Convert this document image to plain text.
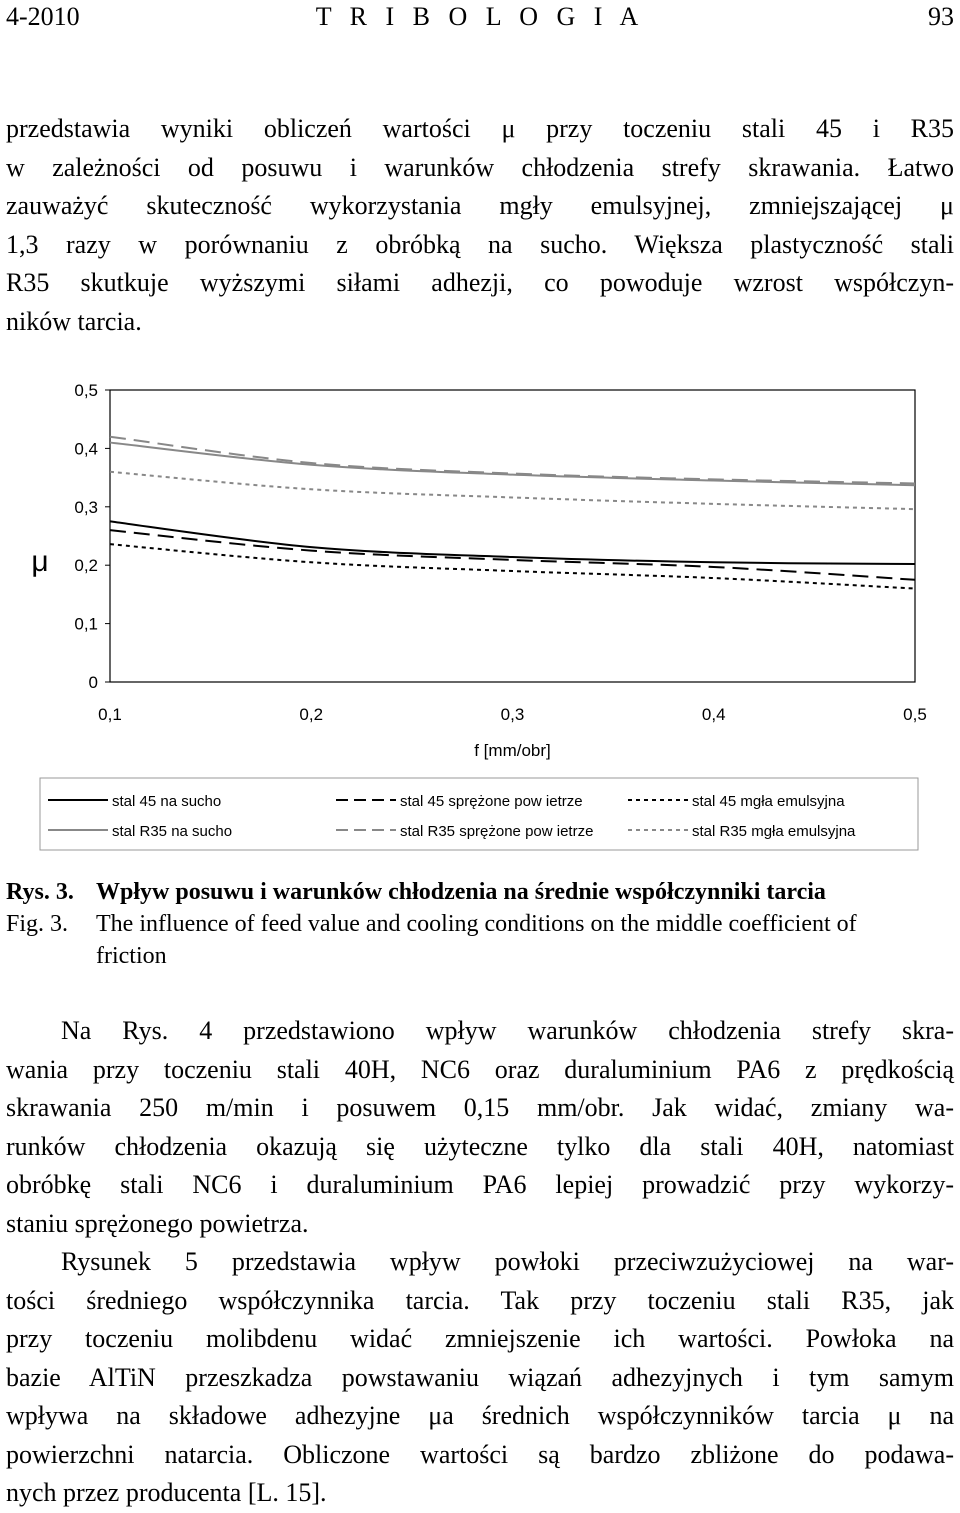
4-2010	T R I B O L O G I A	93
przedstawia wyniki obliczeń wartości μ przy toczeniu stali 45 i R35
w zależności od posuwu i warunków chłodzenia strefy skrawania. Łatwo
zauważyć skuteczność wykorzystania mgły emulsyjnej, zmniejszającej μ
1,3 razy w porównaniu z obróbką na sucho. Większa plastyczność stali
R35 skutkuje wyższymi siłami adhezji, co powoduje wzrost współczyn-
ników tarcia.
0
0,1
0,2
0,3
0,4
0,5
0,1	0,2	0,3	0,4	0,5
f [mm/obr]
μ
stal 45 na sucho	stal 45 sprężone pow ietrze	stal 45 mgła emulsyjna
stal R35 na sucho	stal R35 sprężone pow ietrze	stal R35 mgła emulsyjna
Rys. 3. Wpływ posuwu i warunków chłodzenia na średnie współczynniki tarcia
Fig. 3. The influence of feed value and cooling conditions on the middle coefficient of
friction
Na Rys. 4 przedstawiono wpływ warunków chłodzenia strefy skra-
wania przy toczeniu stali 40H, NC6 oraz duraluminium PA6 z prędkością
skrawania 250 m/min i posuwem 0,15 mm/obr. Jak widać, zmiany wa-
runków chłodzenia okazują się użyteczne tylko dla stali 40H, natomiast
obróbkę stali NC6 i duraluminium PA6 lepiej prowadzić przy wykorzy-
staniu sprężonego powietrza.
Rysunek 5 przedstawia wpływ powłoki przeciwzużyciowej na war-
tości średniego współczynnika tarcia. Tak przy toczeniu stali R35, jak
przy toczeniu molibdenu widać zmniejszenie ich wartości. Powłoka na
bazie AlTiN przeszkadza powstawaniu wiązań adhezyjnych i tym samym
wpływa na składowe adhezyjne μa średnich współczynników tarcia μ na
powierzchni natarcia. Obliczone wartości są bardzo zbliżone do podawa-
nych przez producenta [L. 15].
